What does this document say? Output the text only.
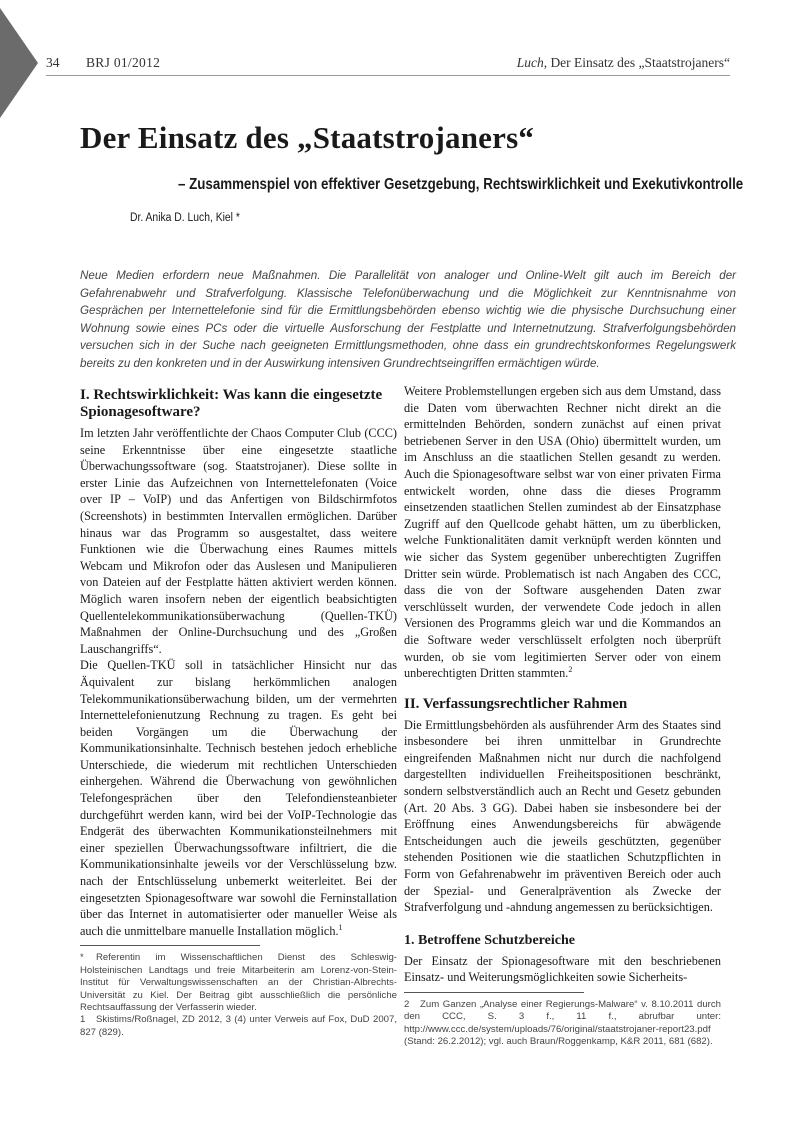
34 BRJ 01/2012	Luch, Der Einsatz des „Staatstrojaners“
Der Einsatz des „Staatstrojaners“
– Zusammenspiel von effektiver Gesetzgebung, Rechtswirklichkeit und Exekutivkontrolle
Dr. Anika D. Luch, Kiel *

Neue Medien erfordern neue Maßnahmen. Die Parallelität von analoger und Online-Welt gilt auch im Bereich der Gefahrenabwehr und Strafverfolgung. Klassische Telefonüberwachung und die Möglichkeit zur Kenntnisnahme von Gesprächen per Internettelefonie sind für die Ermittlungsbehörden ebenso wichtig wie die physische Durchsuchung einer Wohnung sowie eines PCs oder die virtuelle Ausforschung der Festplatte und Internetnutzung. Strafverfolgungsbehörden versuchen sich in der Suche nach geeigneten Ermittlungsmethoden, ohne dass ein grundrechtskonformes Regelungswerk bereits zu den konkreten und in der Auswirkung intensiven Grundrechtseingriffen ermächtigen würde.

I. Rechtswirklichkeit: Was kann die eingesetzte Spionagesoftware?

Im letzten Jahr veröffentlichte der Chaos Computer Club (CCC) seine Erkenntnisse über eine eingesetzte staatliche Überwachungssoftware (sog. Staatstrojaner). Diese sollte in erster Linie das Aufzeichnen von Internettelefonaten (Voice over IP – VoIP) und das Anfertigen von Bildschirmfotos (Screenshots) in bestimmten Intervallen ermöglichen. Darüber hinaus war das Programm so ausgestaltet, dass weitere Funktionen wie die Überwachung eines Raumes mittels Webcam und Mikrofon oder das Auslesen und Manipulieren von Dateien auf der Festplatte hätten aktiviert werden können. Möglich waren insofern neben der eigentlich beabsichtigten Quellentelekommunikationsüberwachung (Quellen-TKÜ) Maßnahmen der Online-Durchsuchung und des „Großen Lauschangriffs“.

Die Quellen-TKÜ soll in tatsächlicher Hinsicht nur das Äquivalent zur bislang herkömmlichen analogen Telekommunikationsüberwachung bilden, um der vermehrten Internettelefonienutzung Rechnung zu tragen. Es geht bei beiden Vorgängen um die Überwachung der Kommunikationsinhalte. Technisch bestehen jedoch erhebliche Unterschiede, die wiederum mit rechtlichen Unterschieden einhergehen. Während die Überwachung von gewöhnlichen Telefongesprächen über den Telefondiensteanbieter durchgeführt werden kann, wird bei der VoIP-Technologie das Endgerät des überwachten Kommunikationsteilnehmers mit einer speziellen Überwachungssoftware infiltriert, die die Kommunikationsinhalte jeweils vor der Verschlüsselung bzw. nach der Entschlüsselung unbemerkt weiterleitet. Bei der eingesetzten Spionagesoftware war sowohl die Ferninstallation über das Internet in automatisierter oder manueller Weise als auch die unmittelbare manuelle Installation möglich.$^1$

* Referentin im Wissenschaftlichen Dienst des Schleswig-Holsteinischen Landtags und freie Mitarbeiterin am Lorenz-von-Stein-Institut für Verwaltungswissenschaften an der Christian-Albrechts-Universität zu Kiel. Der Beitrag gibt ausschließlich die persönliche Rechtsauffassung der Verfasserin wieder.

1 Skistims/Roßnagel, ZD 2012, 3 (4) unter Verweis auf Fox, DuD 2007, 827 (829).

Weitere Problemstellungen ergeben sich aus dem Umstand, dass die Daten vom überwachten Rechner nicht direkt an die ermittelnden Behörden, sondern zunächst auf einen privat betriebenen Server in den USA (Ohio) übermittelt wurden, um im Anschluss an die staatlichen Stellen gesandt zu werden. Auch die Spionagesoftware selbst war von einer privaten Firma entwickelt worden, ohne dass die dieses Programm einsetzenden staatlichen Stellen zumindest ab der Einsatzphase Zugriff auf den Quellcode gehabt hätten, um zu überblicken, welche Funktionalitäten damit verknüpft werden könnten und wie sicher das System gegenüber unberechtigten Zugriffen Dritter sein würde. Problematisch ist nach Angaben des CCC, dass die von der Software ausgehenden Daten zwar verschlüsselt wurden, der verwendete Code jedoch in allen Versionen des Programms gleich war und die Kommandos an die Software weder verschlüsselt erfolgten noch überprüft wurden, ob sie vom legitimierten Server oder von einem unberechtigten Dritten stammten.$^2$

II. Verfassungsrechtlicher Rahmen

Die Ermittlungsbehörden als ausführender Arm des Staates sind insbesondere bei ihren unmittelbar in Grundrechte eingreifenden Maßnahmen nicht nur durch die nachfolgend dargestellten individuellen Freiheitspositionen beschränkt, sondern selbstverständlich auch an Recht und Gesetz gebunden (Art. 20 Abs. 3 GG). Dabei haben sie insbesondere bei der Eröffnung eines Anwendungsbereichs für abwägende Entscheidungen auch die jeweils geschützten, gegenüber stehenden Positionen wie die staatlichen Schutzpflichten in Form von Gefahrenabwehr im präventiven Bereich oder auch der Spezial- und Generalprävention als Zwecke der Strafverfolgung und -ahndung angemessen zu berücksichtigen.

1. Betroffene Schutzbereiche

Der Einsatz der Spionagesoftware mit den beschriebenen Einsatz- und Weiterungsmöglichkeiten sowie Sicherheits-

2 Zum Ganzen „Analyse einer Regierungs-Malware“ v. 8.10.2011 durch den CCC, S. 3 f., 11 f., abrufbar unter: http://www.ccc.de/system/uploads/76/original/staatstrojaner-report23.pdf (Stand: 26.2.2012); vgl. auch Braun/Roggenkamp, K&R 2011, 681 (682).
